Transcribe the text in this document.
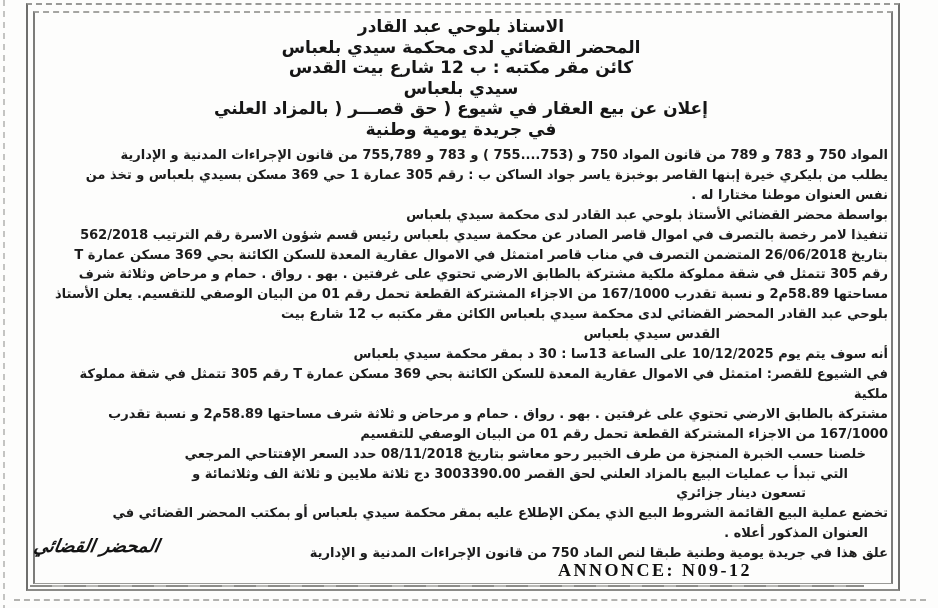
الاستاذ بلوحي عبد القادر
المحضر القضائي لدى محكمة سيدي بلعباس
كائن مقر مكتبه : ب 12 شارع بيت القدس
سيدي بلعباس
إعلان عن بيع العقار في شيوع ⁦)⁩ حق قصـــر ⁦)⁩ بالمزاد العلني
في جريدة يومية وطنية
المواد 750 و 783 و 789 من قانون المواد 750 و (753....755 ) و 783 و 755,789 من قانون الإجراءات المدنية و الإدارية
يطلب من بليكري خيرة إبنها القاصر بوخبزة ياسر جواد الساكن ب : رقم 305 عمارة 1 حي 369 مسكن بسيدي بلعباس و تخذ من
نفس العنوان موطنا مختارا له .
بواسطة محضر القضائي الأستاذ بلوحي عبد القادر لدى محكمة سيدي بلعباس
تنفيذا لامر رخصة بالتصرف في اموال قاصر الصادر عن محكمة سيدي بلعباس رئيس قسم شؤون الاسرة رقم الترتيب 562/2018
بتاريخ 26/06/2018 المتضمن التصرف في مناب قاصر امتمثل في الاموال عقارية المعدة للسكن الكائنة بحي 369 مسكن عمارة T
رقم 305 تتمثل في شقة مملوكة ملكية مشتركة بالطابق الارضي تحتوي على غرفتين . بهو . رواق . حمام و مرحاض وثلاثة شرف
مساحتها 58.89م2 و نسبة تقدرب 167/1000 من الاجزاء المشتركة القطعة تحمل رقم 01 من البيان الوصفي للتقسيم. يعلن الأستاذ
بلوحي عبد القادر المحضر القضائي لدى محكمة سيدي بلعباس الكائن مقر مكتبه ب 12 شارع بيت
القدس سيدي بلعباس
أنه سوف يتم يوم 10/12/2025 على الساعة 13سا : 30 د بمقر محكمة سيدي بلعباس
في الشيوع للقصر: امتمثل في الاموال عقارية المعدة للسكن الكائنة بحي 369 مسكن عمارة T رقم 305 تتمثل في شقة مملوكة ملكية
مشتركة بالطابق الارضي تحتوي على غرفتين . بهو . رواق . حمام و مرحاض و ثلاثة شرف مساحتها 58.89م2 و نسبة تقدرب
167/1000 من الاجزاء المشتركة القطعة تحمل رقم 01 من البيان الوصفي للتقسيم
خلصنا حسب الخبرة المنجزة من طرف الخبير رحو معاشو بتاريخ 08/11/2018 حدد السعر الإفتتاحي المرجعي
التي تبدأ ب عمليات البيع بالمزاد العلني لحق القصر 3003390.00 دج ثلاثة ملايين و ثلاثة الف وثلاثمائة و
تسعون دينار جزائري
تخضع عملية البيع القائمة الشروط البيع الذي يمكن الإطلاع عليه بمقر محكمة سيدي بلعباس أو بمكتب المحضر القضائي في
العنوان المذكور أعلاه .
علق هذا في جريدة يومية وطنية طبقا لنص الماد 750 من قانون الإجراءات المدنية و الإدارية
المحضر القضائي
ANNONCE: N09-12
